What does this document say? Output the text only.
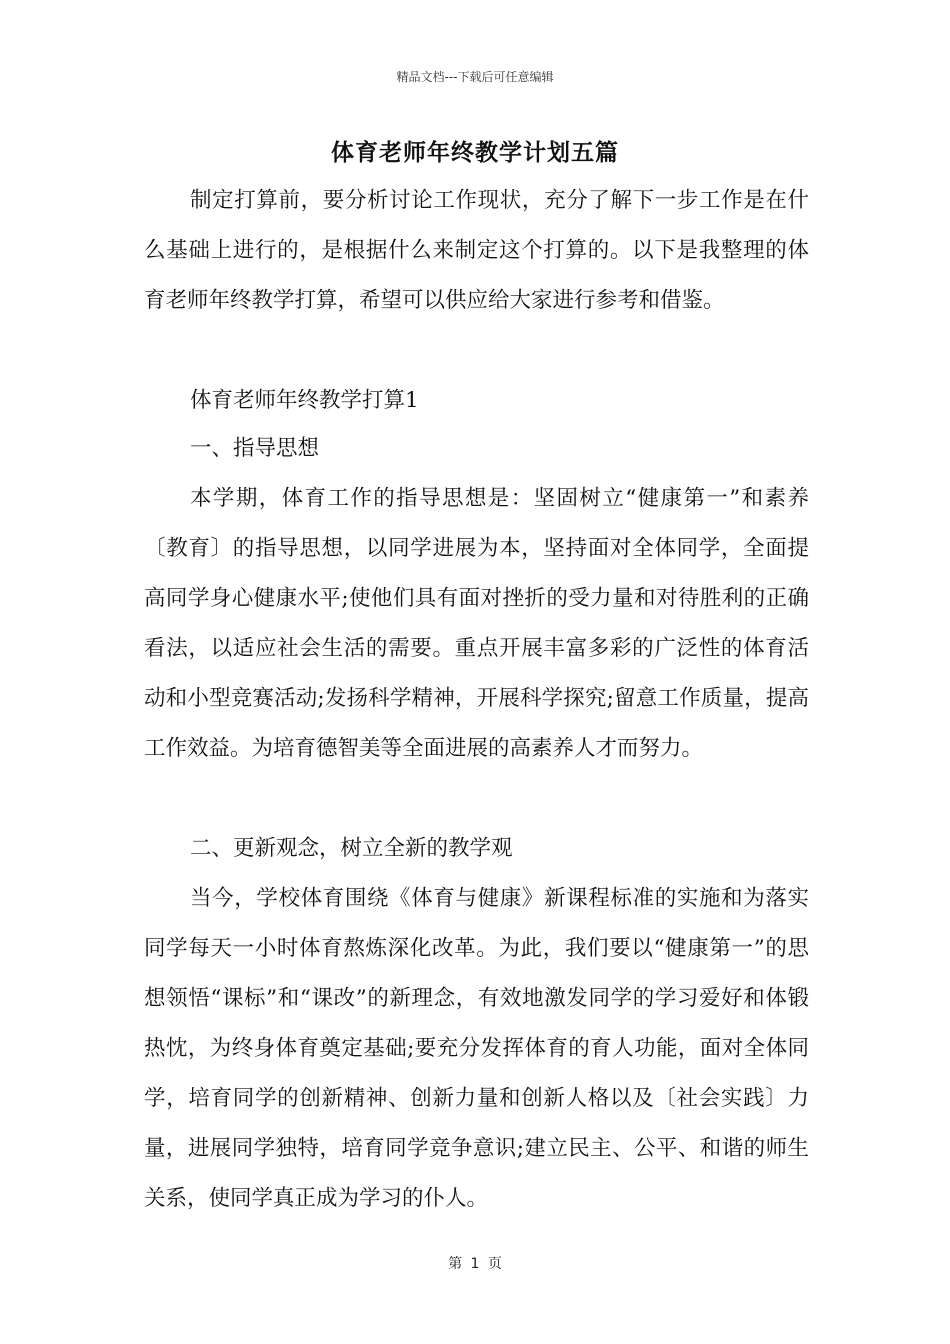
精品文档---下载后可任意编辑
体育老师年终教学计划五篇

制定打算前，要分析讨论工作现状，充分了解下一步工作是在什么基础上进行的，是根据什么来制定这个打算的。以下是我整理的体育老师年终教学打算，希望可以供应给大家进行参考和借鉴。

体育老师年终教学打算1
一、指导思想

本学期，体育工作的指导思想是：坚固树立“健康第一”和素养〔教育〕的指导思想，以同学进展为本，坚持面对全体同学，全面提高同学身心健康水平;使他们具有面对挫折的受力量和对待胜利的正确看法，以适应社会生活的需要。重点开展丰富多彩的广泛性的体育活动和小型竞赛活动;发扬科学精神，开展科学探究;留意工作质量，提高工作效益。为培育德智美等全面进展的高素养人才而努力。

二、更新观念，树立全新的教学观

当今，学校体育围绕《体育与健康》新课程标准的实施和为落实同学每天一小时体育熬炼深化改革。为此，我们要以“健康第一”的思想领悟“课标”和“课改”的新理念，有效地激发同学的学习爱好和体锻热忱，为终身体育奠定基础;要充分发挥体育的育人功能，面对全体同学，培育同学的创新精神、创新力量和创新人格以及〔社会实践〕力量，进展同学独特，培育同学竞争意识;建立民主、公平、和谐的师生关系，使同学真正成为学习的仆人。

第 1 页
